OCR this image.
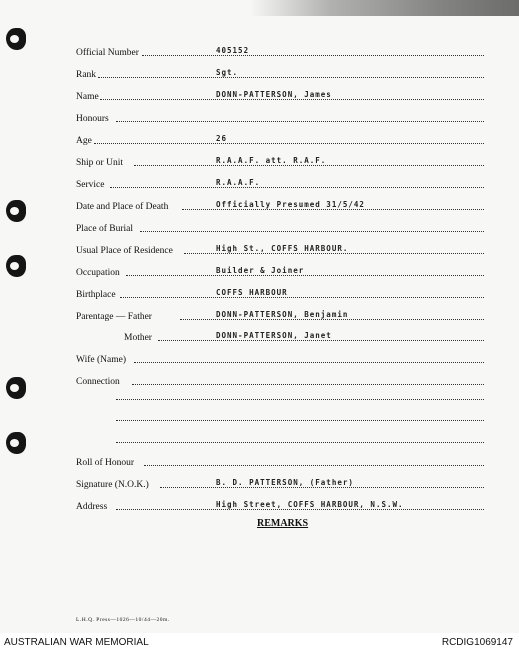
Official Number	405152
Rank	Sgt.
Name	DONN-PATTERSON, James
Honours
Age	26
Ship or Unit	R.A.A.F. att. R.A.F.
Service	R.A.A.F.
Date and Place of Death	Officially Presumed 31/5/42
Place of Burial
Usual Place of Residence	High St., COFFS HARBOUR.
Occupation	Builder & Joiner
Birthplace	COFFS HARBOUR
Parentage — Father	DONN-PATTERSON, Benjamin
Mother	DONN-PATTERSON, Janet
Wife (Name)
Connection
Roll of Honour
Signature (N.O.K.)	B. D. PATTERSON, (Father)
Address	High Street, COFFS HARBOUR, N.S.W.
REMARKS
L.H.Q. Press—1026—10/44—20m.
AUSTRALIAN WAR MEMORIAL	RCDIG1069147
